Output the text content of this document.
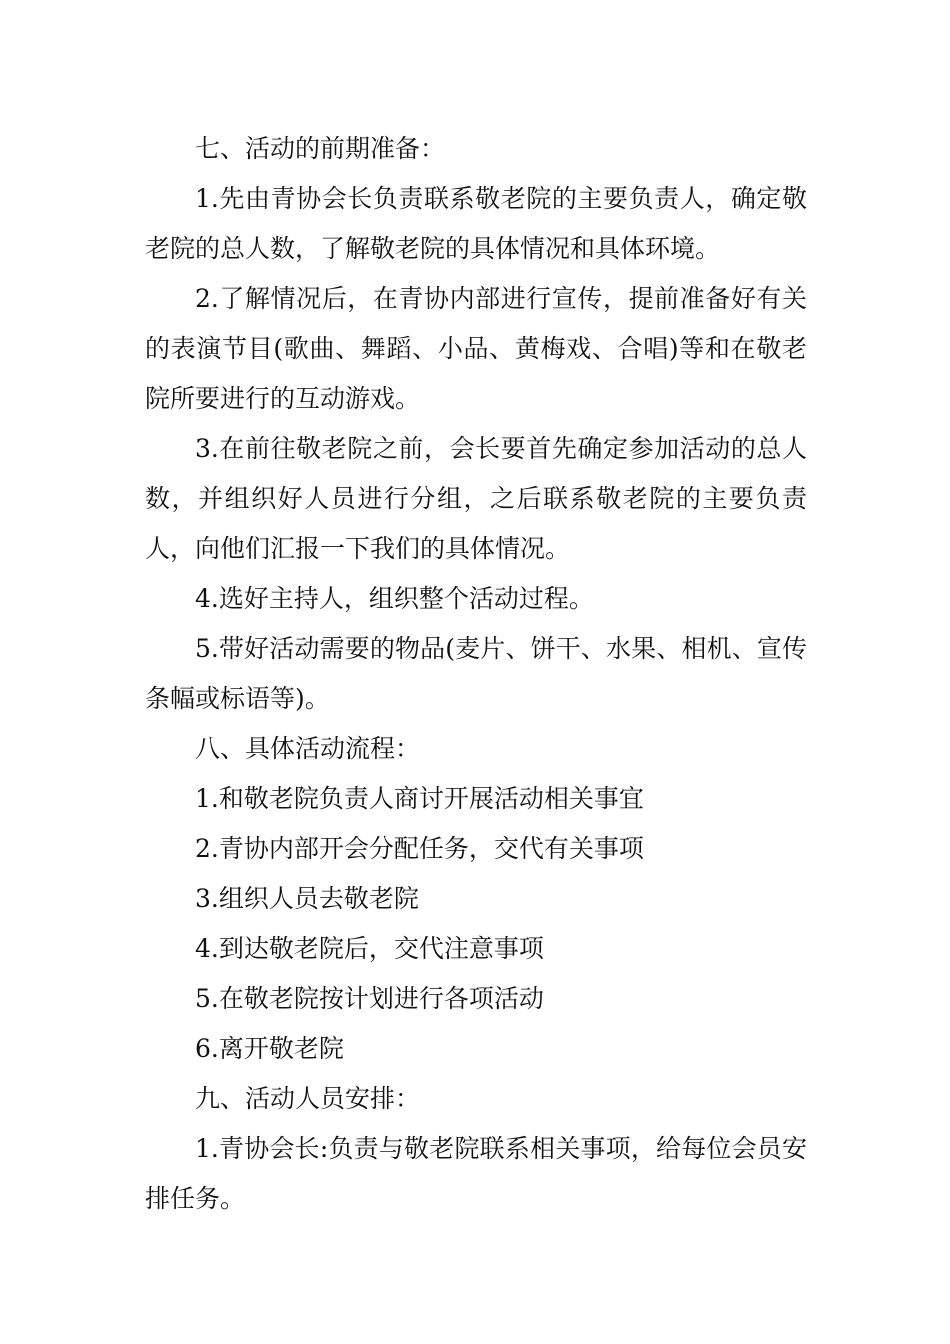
七、活动的前期准备：

1.先由青协会长负责联系敬老院的主要负责人，确定敬老院的总人数，了解敬老院的具体情况和具体环境。

2.了解情况后，在青协内部进行宣传，提前准备好有关的表演节目(歌曲、舞蹈、小品、黄梅戏、合唱)等和在敬老院所要进行的互动游戏。

3.在前往敬老院之前，会长要首先确定参加活动的总人数，并组织好人员进行分组，之后联系敬老院的主要负责人，向他们汇报一下我们的具体情况。

4.选好主持人，组织整个活动过程。

5.带好活动需要的物品(麦片、饼干、水果、相机、宣传条幅或标语等)。

八、具体活动流程：

1.和敬老院负责人商讨开展活动相关事宜

2.青协内部开会分配任务，交代有关事项

3.组织人员去敬老院

4.到达敬老院后，交代注意事项

5.在敬老院按计划进行各项活动

6.离开敬老院

九、活动人员安排：

1.青协会长:负责与敬老院联系相关事项，给每位会员安排任务。
